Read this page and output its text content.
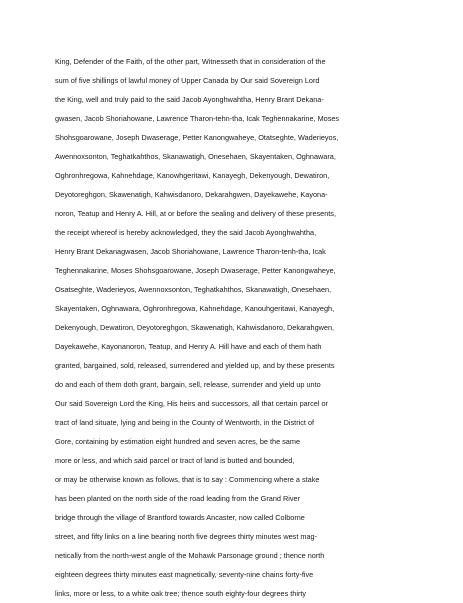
King, Defender of the Faith, of the other part, Witnesseth that in consideration of the
sum of five shillings of lawful money of Upper Canada by Our said Sovereign Lord
the King, well and truly paid to the said Jacob Ayonghwahtha, Henry Brant Dekana-
gwasen, Jacob Shoriahowane, Lawrence Tharon-tehn-tha, Icak Teghennakarine, Moses
Shohsgoarowane, Joseph Dwaserage, Petter Kanongwaheye, Otatseghte, Waderieyos,
Awennoxsonton, Teghatkahthos, Skanawatigh, Onesehaen, Skayentaken, Oghnawara,
Oghronhregowa, Kahnehdage, Kanowhgeritawi, Kanayegh, Dekenyough, Dewatiron,
Deyotoreghgon, Skawenatigh, Kahwisdanoro, Dekarahgwen, Dayekawehe, Kayona-
noron, Teatup and Henry A. Hill, at or before the sealing and delivery of these presents,
the receipt whereof is hereby acknowledged, they the said Jacob Ayonghwahtha,
Henry Brant Dekanagwasen, Jacob Shoriahowane, Lawrence Tharon-tenh-tha, Icak
Teghennakarine, Moses Shohsgoarowane, Joseph Dwaserage, Petter Kanongwaheye,
Osatseghte, Waderieyos, Awennoxsonton, Teghatkahthos, Skanawatigh, Onesehaen,
Skayentaken, Oghnawara, Oghronhregowa, Kahnehdage, Kanouhgeritawi, Kanayegh,
Dekenyough, Dewatiron, Deyotoreghgon, Skawenatigh, Kahwisdanoro, Dekarahgwen,
Dayekawehe, Kayonanoron, Teatup, and Henry A. Hill have and each of them hath
granted, bargained, sold, released, surrendered and yielded up, and by these presents
do and each of them doth grant, bargain, sell, release, surrender and yield up unto
Our said Sovereign Lord the King, His heirs and successors, all that certain parcel or
tract of land situate, lying and being in the County of Wentworth, in the District of
Gore, containing by estimation eight hundred and seven acres, be the same
more or less, and which said parcel or tract of land is butted and bounded,
or may be otherwise known as follows, that is to say : Commencing where a stake
has been planted on the north side of the road leading from the Grand River
bridge through the village of Brantford towards Ancaster, now called Colborne
street, and fifty links on a line bearing north five degrees thirty minutes west mag-
netically from the north-west angle of the Mohawk Parsonage ground ; thence north
eighteen degrees thirty minutes east magnetically, seventy-nine chains forty-five
links, more or less, to a white oak tree; thence south eighty-four degrees thirty
